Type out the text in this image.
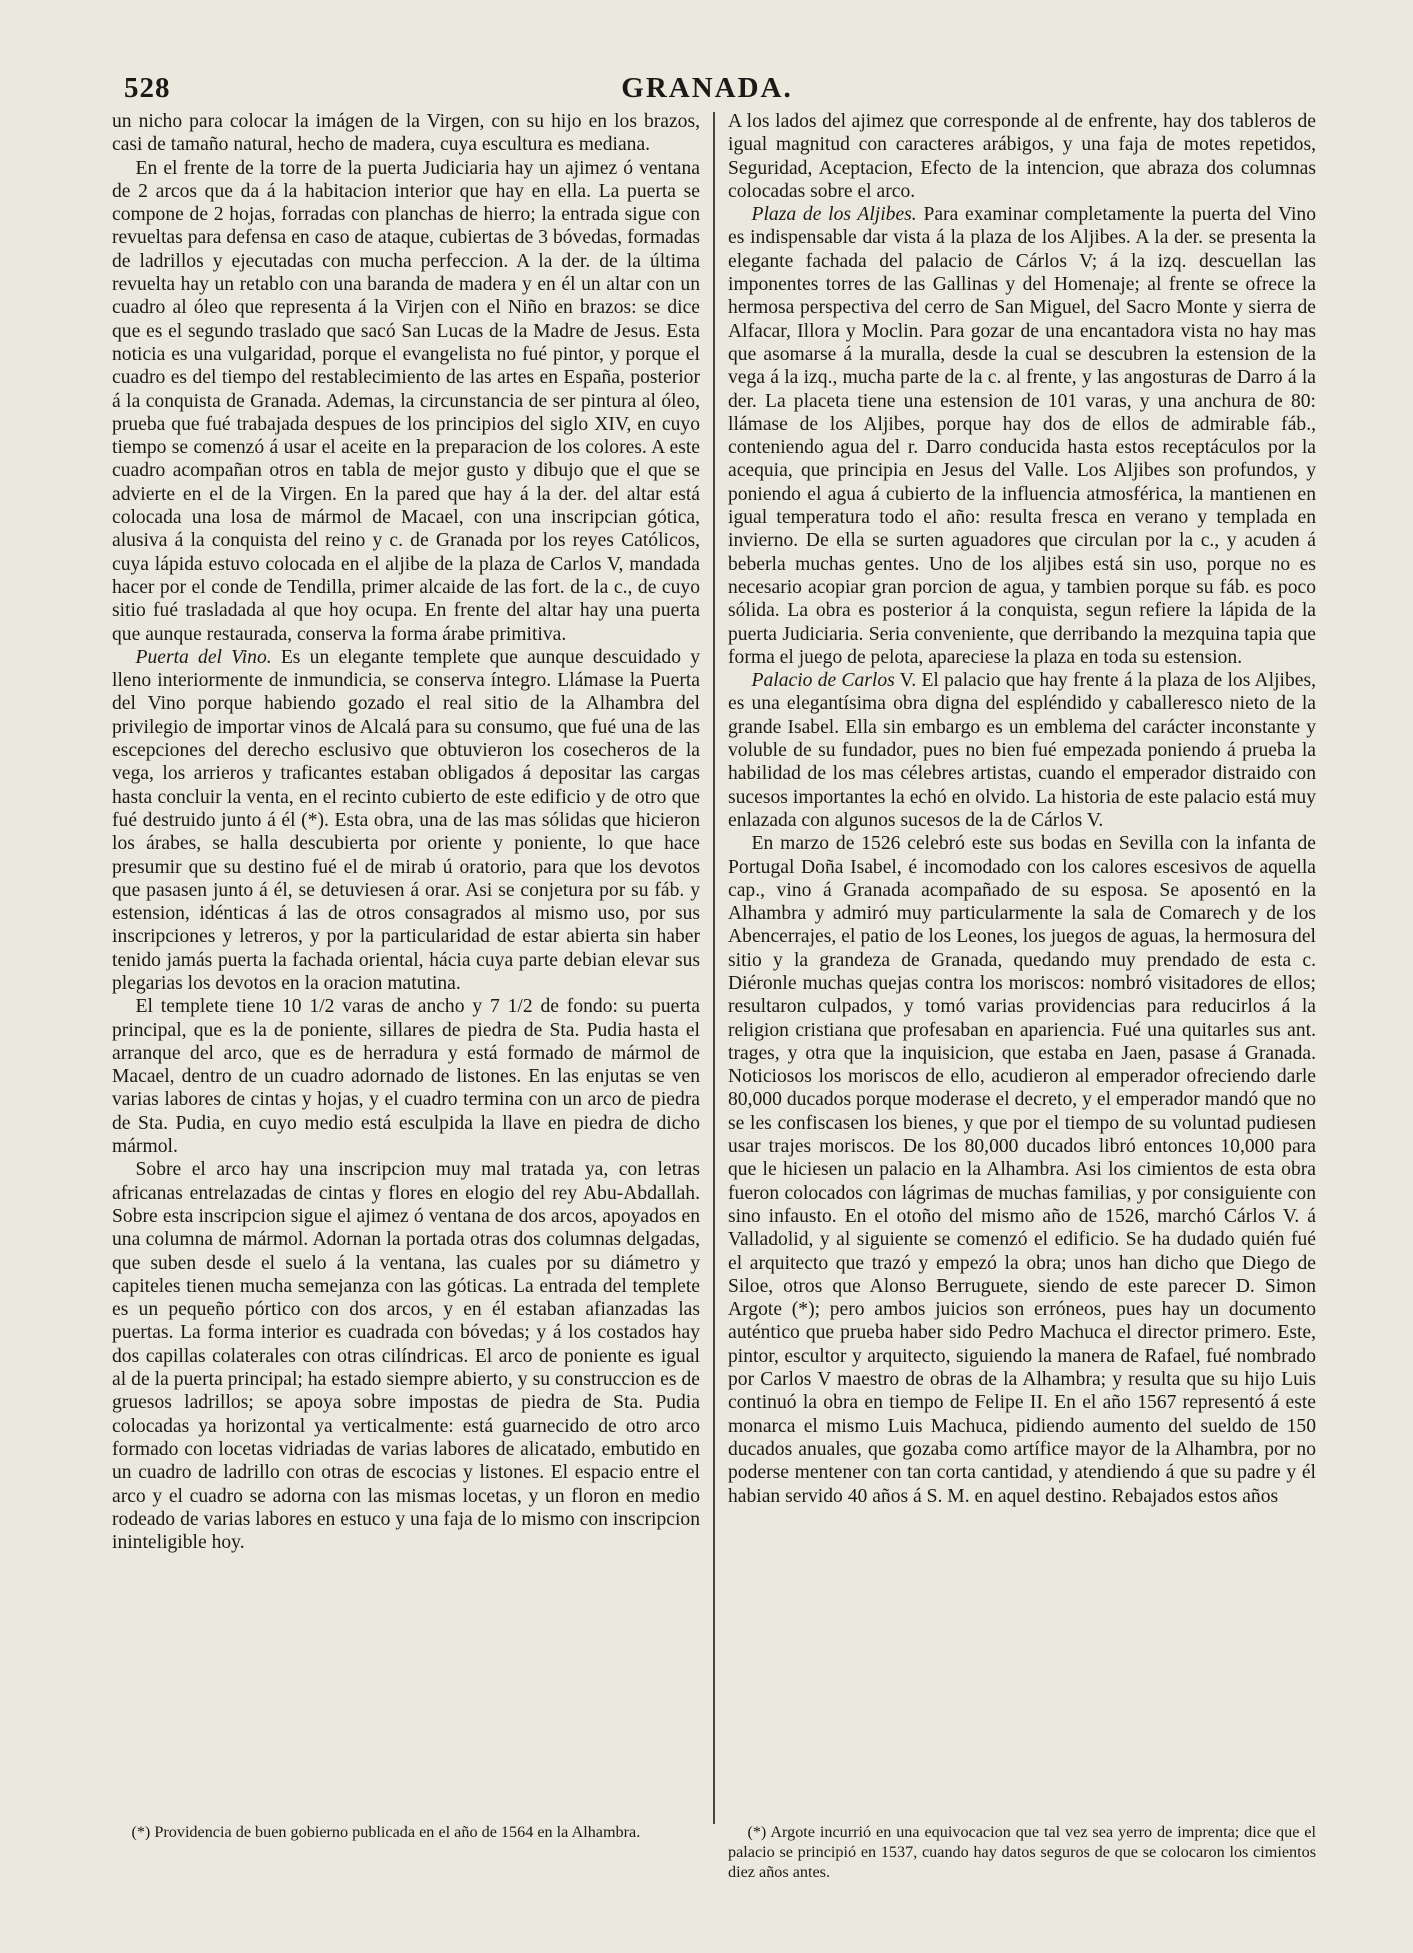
528	GRANADA.

un nicho para colocar la imágen de la Virgen, con su hijo en los brazos, casi de tamaño natural, hecho de madera, cuya escultura es mediana.

En el frente de la torre de la puerta Judiciaria hay un ajimez ó ventana de 2 arcos que da á la habitacion interior que hay en ella. La puerta se compone de 2 hojas, forradas con planchas de hierro; la entrada sigue con revueltas para defensa en caso de ataque, cubiertas de 3 bóvedas, formadas de ladrillos y ejecutadas con mucha perfeccion. A la der. de la última revuelta hay un retablo con una baranda de madera y en él un altar con un cuadro al óleo que representa á la Virjen con el Niño en brazos: se dice que es el segundo traslado que sacó San Lucas de la Madre de Jesus. Esta noticia es una vulgaridad, porque el evangelista no fué pintor, y porque el cuadro es del tiempo del restablecimiento de las artes en España, posterior á la conquista de Granada. Ademas, la circunstancia de ser pintura al óleo, prueba que fué trabajada despues de los principios del siglo XIV, en cuyo tiempo se comenzó á usar el aceite en la preparacion de los colores. A este cuadro acompañan otros en tabla de mejor gusto y dibujo que el que se advierte en el de la Virgen. En la pared que hay á la der. del altar está colocada una losa de mármol de Macael, con una inscripcian gótica, alusiva á la conquista del reino y c. de Granada por los reyes Católicos, cuya lápida estuvo colocada en el aljibe de la plaza de Carlos V, mandada hacer por el conde de Tendilla, primer alcaide de las fort. de la c., de cuyo sitio fué trasladada al que hoy ocupa. En frente del altar hay una puerta que aunque restaurada, conserva la forma árabe primitiva.

Puerta del Vino. Es un elegante templete que aunque descuidado y lleno interiormente de inmundicia, se conserva íntegro. Llámase la Puerta del Vino porque habiendo gozado el real sitio de la Alhambra del privilegio de importar vinos de Alcalá para su consumo, que fué una de las escepciones del derecho esclusivo que obtuvieron los cosecheros de la vega, los arrieros y traficantes estaban obligados á depositar las cargas hasta concluir la venta, en el recinto cubierto de este edificio y de otro que fué destruido junto á él (*). Esta obra, una de las mas sólidas que hicieron los árabes, se halla descubierta por oriente y poniente, lo que hace presumir que su destino fué el de mirab ú oratorio, para que los devotos que pasasen junto á él, se detuviesen á orar. Asi se conjetura por su fáb. y estension, idénticas á las de otros consagrados al mismo uso, por sus inscripciones y letreros, y por la particularidad de estar abierta sin haber tenido jamás puerta la fachada oriental, hácia cuya parte debian elevar sus plegarias los devotos en la oracion matutina.

El templete tiene 10 1/2 varas de ancho y 7 1/2 de fondo: su puerta principal, que es la de poniente, sillares de piedra de Sta. Pudia hasta el arranque del arco, que es de herradura y está formado de mármol de Macael, dentro de un cuadro adornado de listones. En las enjutas se ven varias labores de cintas y hojas, y el cuadro termina con un arco de piedra de Sta. Pudia, en cuyo medio está esculpida la llave en piedra de dicho mármol.

Sobre el arco hay una inscripcion muy mal tratada ya, con letras africanas entrelazadas de cintas y flores en elogio del rey Abu-Abdallah. Sobre esta inscripcion sigue el ajimez ó ventana de dos arcos, apoyados en una columna de mármol. Adornan la portada otras dos columnas delgadas, que suben desde el suelo á la ventana, las cuales por su diámetro y capiteles tienen mucha semejanza con las góticas. La entrada del templete es un pequeño pórtico con dos arcos, y en él estaban afianzadas las puertas. La forma interior es cuadrada con bóvedas; y á los costados hay dos capillas colaterales con otras cilíndricas. El arco de poniente es igual al de la puerta principal; ha estado siempre abierto, y su construccion es de gruesos ladrillos; se apoya sobre impostas de piedra de Sta. Pudia colocadas ya horizontal ya verticalmente: está guarnecido de otro arco formado con locetas vidriadas de varias labores de alicatado, embutido en un cuadro de ladrillo con otras de escocias y listones. El espacio entre el arco y el cuadro se adorna con las mismas locetas, y un floron en medio rodeado de varias labores en estuco y una faja de lo mismo con inscripcion ininteligible hoy.

A los lados del ajimez que corresponde al de enfrente, hay dos tableros de igual magnitud con caracteres arábigos, y una faja de motes repetidos, Seguridad, Aceptacion, Efecto de la intencion, que abraza dos columnas colocadas sobre el arco.

Plaza de los Aljibes. Para examinar completamente la puerta del Vino es indispensable dar vista á la plaza de los Aljibes. A la der. se presenta la elegante fachada del palacio de Cárlos V; á la izq. descuellan las imponentes torres de las Gallinas y del Homenaje; al frente se ofrece la hermosa perspectiva del cerro de San Miguel, del Sacro Monte y sierra de Alfacar, Illora y Moclin. Para gozar de una encantadora vista no hay mas que asomarse á la muralla, desde la cual se descubren la estension de la vega á la izq., mucha parte de la c. al frente, y las angosturas de Darro á la der. La placeta tiene una estension de 101 varas, y una anchura de 80: llámase de los Aljibes, porque hay dos de ellos de admirable fáb., conteniendo agua del r. Darro conducida hasta estos receptáculos por la acequia, que principia en Jesus del Valle. Los Aljibes son profundos, y poniendo el agua á cubierto de la influencia atmosférica, la mantienen en igual temperatura todo el año: resulta fresca en verano y templada en invierno. De ella se surten aguadores que circulan por la c., y acuden á beberla muchas gentes. Uno de los aljibes está sin uso, porque no es necesario acopiar gran porcion de agua, y tambien porque su fáb. es poco sólida. La obra es posterior á la conquista, segun refiere la lápida de la puerta Judiciaria. Seria conveniente, que derribando la mezquina tapia que forma el juego de pelota, apareciese la plaza en toda su estension.

Palacio de Carlos V. El palacio que hay frente á la plaza de los Aljibes, es una elegantísima obra digna del espléndido y caballeresco nieto de la grande Isabel. Ella sin embargo es un emblema del carácter inconstante y voluble de su fundador, pues no bien fué empezada poniendo á prueba la habilidad de los mas célebres artistas, cuando el emperador distraido con sucesos importantes la echó en olvido. La historia de este palacio está muy enlazada con algunos sucesos de la de Cárlos V.

En marzo de 1526 celebró este sus bodas en Sevilla con la infanta de Portugal Doña Isabel, é incomodado con los calores escesivos de aquella cap., vino á Granada acompañado de su esposa. Se aposentó en la Alhambra y admiró muy particularmente la sala de Comarech y de los Abencerrajes, el patio de los Leones, los juegos de aguas, la hermosura del sitio y la grandeza de Granada, quedando muy prendado de esta c. Diéronle muchas quejas contra los moriscos: nombró visitadores de ellos; resultaron culpados, y tomó varias providencias para reducirlos á la religion cristiana que profesaban en apariencia. Fué una quitarles sus ant. trages, y otra que la inquisicion, que estaba en Jaen, pasase á Granada. Noticiosos los moriscos de ello, acudieron al emperador ofreciendo darle 80,000 ducados porque moderase el decreto, y el emperador mandó que no se les confiscasen los bienes, y que por el tiempo de su voluntad pudiesen usar trajes moriscos. De los 80,000 ducados libró entonces 10,000 para que le hiciesen un palacio en la Alhambra. Asi los cimientos de esta obra fueron colocados con lágrimas de muchas familias, y por consiguiente con sino infausto. En el otoño del mismo año de 1526, marchó Cárlos V. á Valladolid, y al siguiente se comenzó el edificio. Se ha dudado quién fué el arquitecto que trazó y empezó la obra; unos han dicho que Diego de Siloe, otros que Alonso Berruguete, siendo de este parecer D. Simon Argote (*); pero ambos juicios son erróneos, pues hay un documento auténtico que prueba haber sido Pedro Machuca el director primero. Este, pintor, escultor y arquitecto, siguiendo la manera de Rafael, fué nombrado por Carlos V maestro de obras de la Alhambra; y resulta que su hijo Luis continuó la obra en tiempo de Felipe II. En el año 1567 representó á este monarca el mismo Luis Machuca, pidiendo aumento del sueldo de 150 ducados anuales, que gozaba como artífice mayor de la Alhambra, por no poderse mentener con tan corta cantidad, y atendiendo á que su padre y él habian servido 40 años á S. M. en aquel destino. Rebajados estos años

(*) Providencia de buen gobierno publicada en el año de 1564 en la Alhambra.	(*) Argote incurrió en una equivocacion que tal vez sea yerro de imprenta; dice que el palacio se principió en 1537, cuando hay datos seguros de que se colocaron los cimientos diez años antes.
